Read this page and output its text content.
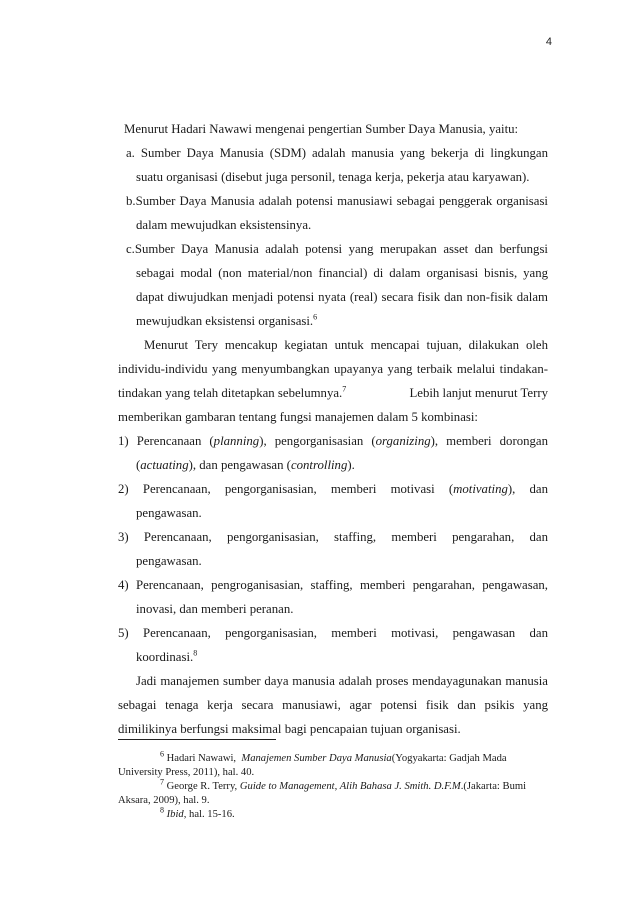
4
Menurut Hadari Nawawi mengenai pengertian Sumber Daya Manusia, yaitu:
a. Sumber Daya Manusia (SDM) adalah manusia yang bekerja di lingkungan
suatu organisasi (disebut juga personil, tenaga kerja, pekerja atau karyawan).
b.Sumber Daya Manusia adalah potensi manusiawi sebagai penggerak organisasi
dalam mewujudkan eksistensinya.
c.Sumber Daya Manusia adalah potensi yang merupakan asset dan berfungsi
sebagai modal (non material/non financial) di dalam organisasi bisnis, yang
dapat diwujudkan menjadi potensi nyata (real) secara fisik dan non-fisik dalam
mewujudkan eksistensi organisasi.$^6$
Menurut Tery mencakup kegiatan untuk mencapai tujuan, dilakukan oleh
individu-individu yang menyumbangkan upayanya yang terbaik melalui tindakan-
tindakan yang telah ditetapkan sebelumnya.$^7$	Lebih lanjut menurut Terry
memberikan gambaran tentang fungsi manajemen dalam 5 kombinasi:
1) Perencanaan (planning), pengorganisasian (organizing), memberi dorongan
(actuating), dan pengawasan (controlling).
2) Perencanaan, pengorganisasian, memberi motivasi (motivating), dan
pengawasan.
3) Perencanaan, pengorganisasian, staffing, memberi pengarahan, dan
pengawasan.
4) Perencanaan, pengroganisasian, staffing, memberi pengarahan, pengawasan,
inovasi, dan memberi peranan.
5) Perencanaan, pengorganisasian, memberi motivasi, pengawasan dan
koordinasi.$^8$
Jadi manajemen sumber daya manusia adalah proses mendayagunakan manusia
sebagai tenaga kerja secara manusiawi, agar potensi fisik dan psikis yang
dimilikinya berfungsi maksimal bagi pencapaian tujuan organisasi.
$^6$ Hadari Nawawi, Manajemen Sumber Daya Manusia(Yogyakarta: Gadjah Mada
University Press, 2011), hal. 40.
$^7$ George R. Terry, Guide to Management, Alih Bahasa J. Smith. D.F.M.(Jakarta: Bumi
Aksara, 2009), hal. 9.
$^8$ Ibid, hal. 15-16.
